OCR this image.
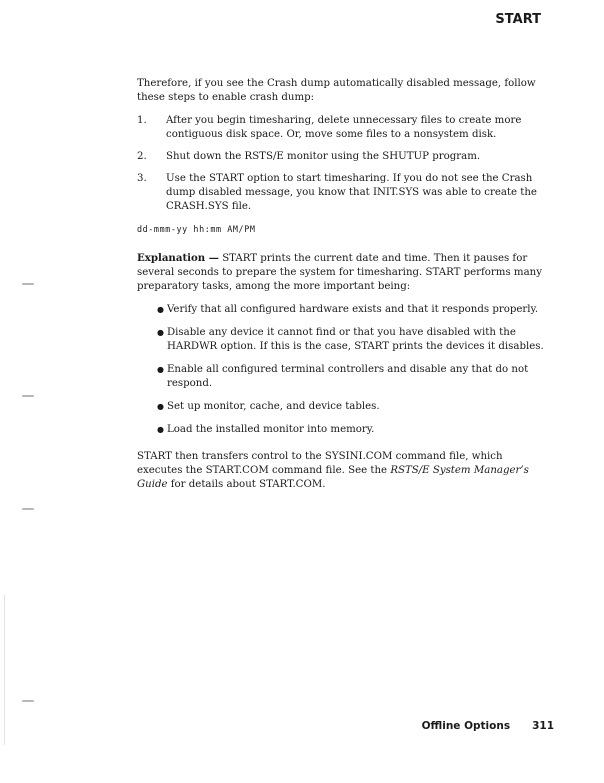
START

Therefore, if you see the Crash dump automatically disabled message, follow these steps to enable crash dump:

1.	After you begin timesharing, delete unnecessary files to create more contiguous disk space. Or, move some files to a nonsystem disk.
2.	Shut down the RSTS/E monitor using the SHUTUP program.
3.	Use the START option to start timesharing. If you do not see the Crash dump disabled message, you know that INIT.SYS was able to create the CRASH.SYS file.

dd-mmm-yy hh:mm AM/PM

Explanation — START prints the current date and time. Then it pauses for several seconds to prepare the system for timesharing. START performs many preparatory tasks, among the more important being:

● Verify that all configured hardware exists and that it responds properly.
● Disable any device it cannot find or that you have disabled with the HARDWR option. If this is the case, START prints the devices it disables.
● Enable all configured terminal controllers and disable any that do not respond.
● Set up monitor, cache, and device tables.
● Load the installed monitor into memory.

START then transfers control to the SYSINI.COM command file, which executes the START.COM command file. See the RSTS/E System Manager’s Guide for details about START.COM.

Offline Options 311
